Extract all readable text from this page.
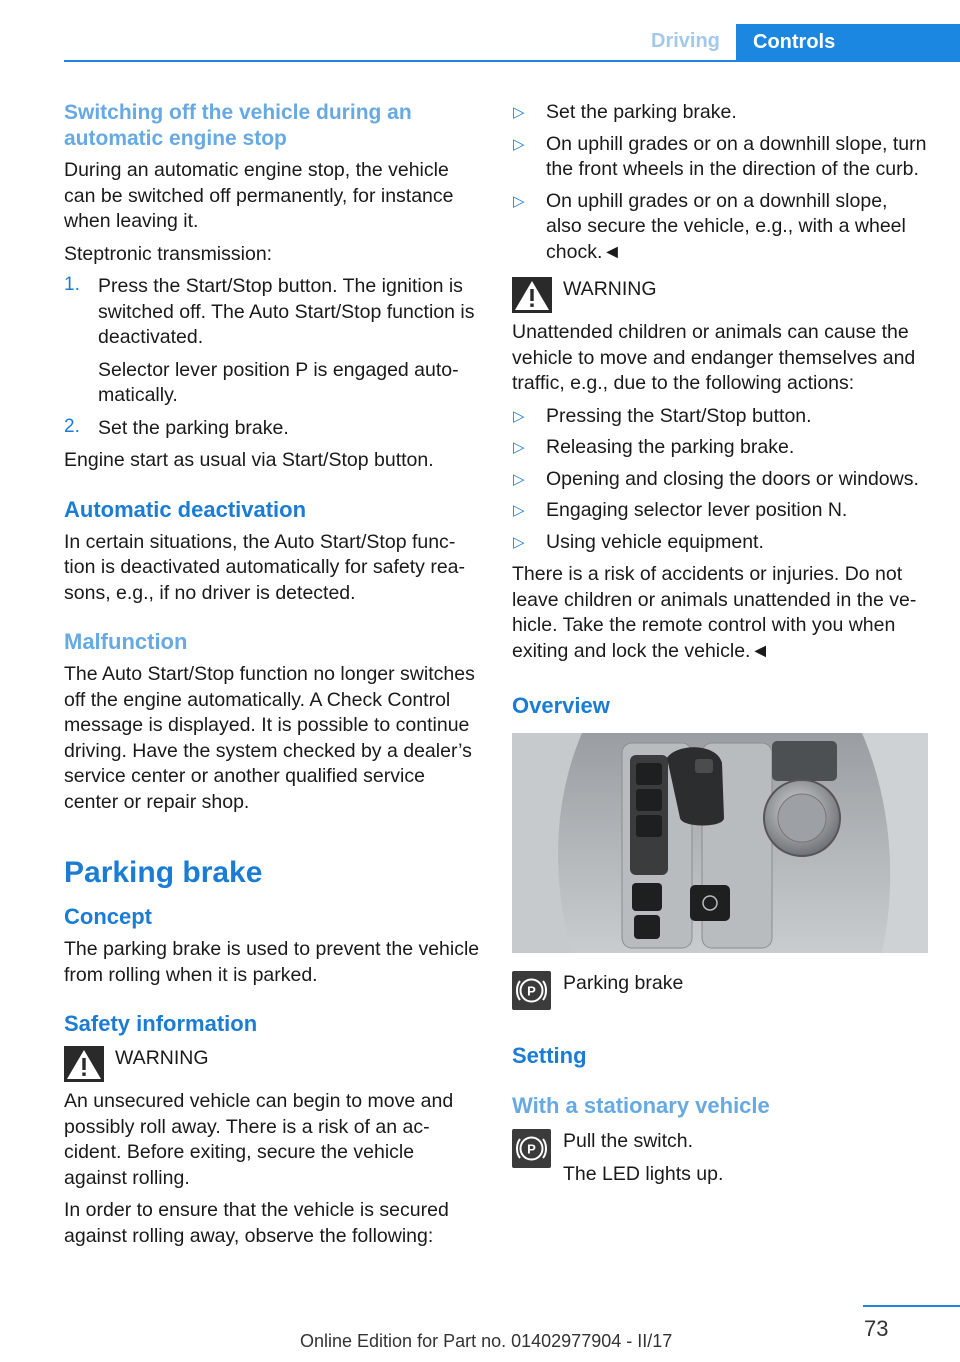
Driving	Controls
Switching off the vehicle during an automatic engine stop

During an automatic engine stop, the vehicle can be switched off permanently, for instance when leaving it.

Steptronic transmission:

1. Press the Start/Stop button. The ignition is switched off. The Auto Start/Stop function is deactivated.

Selector lever position P is engaged automatically.

2. Set the parking brake.

Engine start as usual via Start/Stop button.

Automatic deactivation

In certain situations, the Auto Start/Stop function is deactivated automatically for safety reasons, e.g., if no driver is detected.

Malfunction

The Auto Start/Stop function no longer switches off the engine automatically. A Check Control message is displayed. It is possible to continue driving. Have the system checked by a dealer’s service center or another qualified service center or repair shop.

Parking brake
Concept

The parking brake is used to prevent the vehicle from rolling when it is parked.

Safety information

WARNING

An unsecured vehicle can begin to move and possibly roll away. There is a risk of an accident. Before exiting, secure the vehicle against rolling.

In order to ensure that the vehicle is secured against rolling away, observe the following:

▷	Set the parking brake.

▷	On uphill grades or on a downhill slope, turn the front wheels in the direction of the curb.

▷	On uphill grades or on a downhill slope, also secure the vehicle, e.g., with a wheel chock.◄

WARNING

Unattended children or animals can cause the vehicle to move and endanger themselves and traffic, e.g., due to the following actions:

▷	Pressing the Start/Stop button.

▷	Releasing the parking brake.

▷	Opening and closing the doors or windows.

▷	Engaging selector lever position N.

▷	Using vehicle equipment.

There is a risk of accidents or injuries. Do not leave children or animals unattended in the vehicle. Take the remote control with you when exiting and lock the vehicle.◄

Overview
P Parking brake

Setting
With a stationary vehicle
P Pull the switch.

The LED lights up.

73
Online Edition for Part no. 01402977904 - II/17
